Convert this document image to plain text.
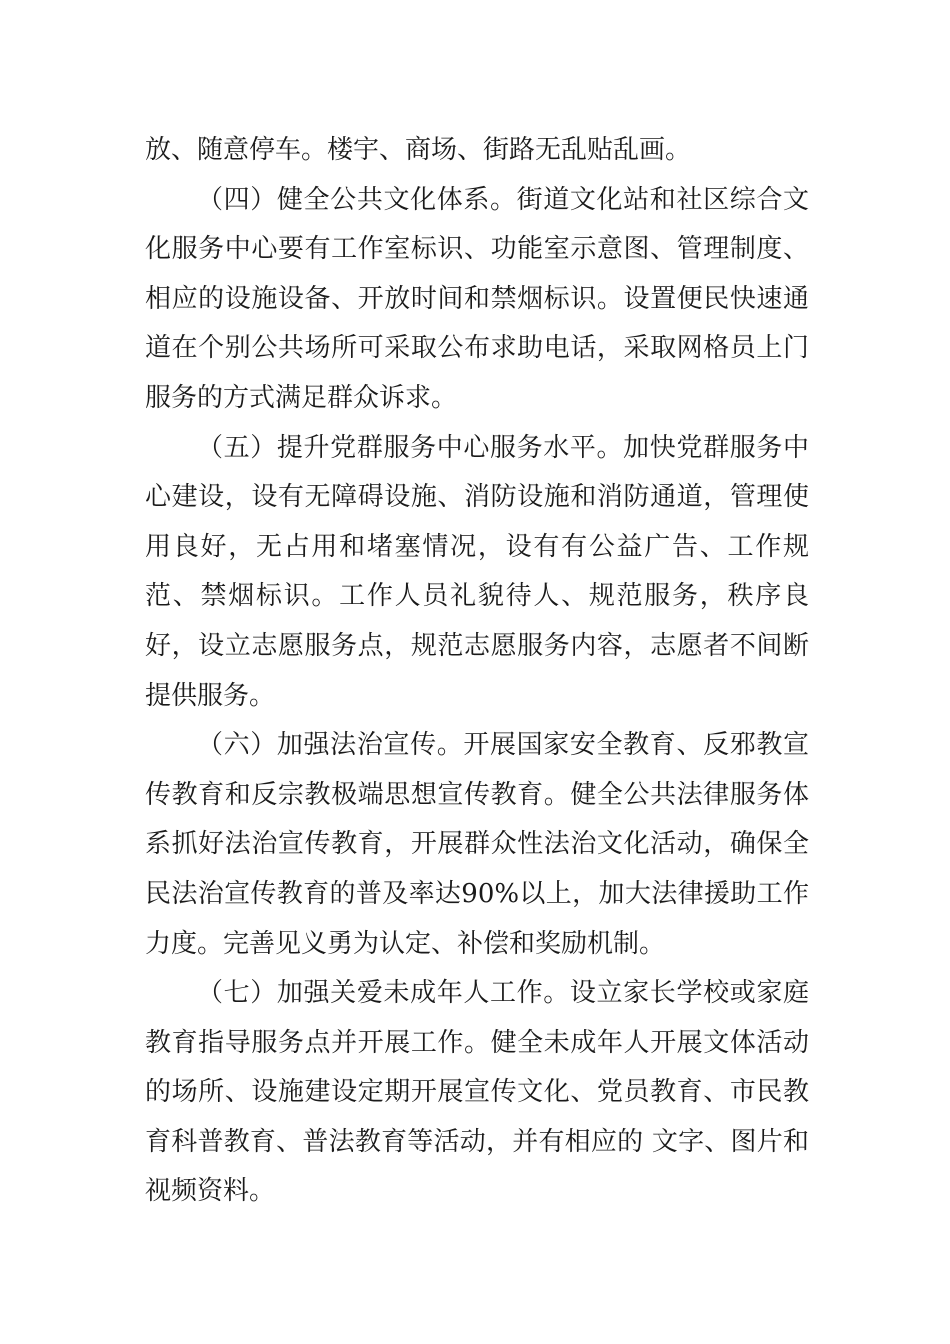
放、随意停车。楼宇、商场、街路无乱贴乱画。

（四）健全公共文化体系。街道文化站和社区综合文化服务中心要有工作室标识、功能室示意图、管理制度、相应的设施设备、开放时间和禁烟标识。设置便民快速通道在个别公共场所可采取公布求助电话，采取网格员上门服务的方式满足群众诉求。

（五）提升党群服务中心服务水平。加快党群服务中心建设，设有无障碍设施、消防设施和消防通道，管理使用良好，无占用和堵塞情况，设有有公益广告、工作规范、禁烟标识。工作人员礼貌待人、规范服务，秩序良好，设立志愿服务点，规范志愿服务内容，志愿者不间断提供服务。

（六）加强法治宣传。开展国家安全教育、反邪教宣传教育和反宗教极端思想宣传教育。健全公共法律服务体系抓好法治宣传教育，开展群众性法治文化活动，确保全民法治宣传教育的普及率达90%以上，加大法律援助工作力度。完善见义勇为认定、补偿和奖励机制。

（七）加强关爱未成年人工作。设立家长学校或家庭教育指导服务点并开展工作。健全未成年人开展文体活动的场所、设施建设定期开展宣传文化、党员教育、市民教育科普教育、普法教育等活动，并有相应的 文字、图片和视频资料。
